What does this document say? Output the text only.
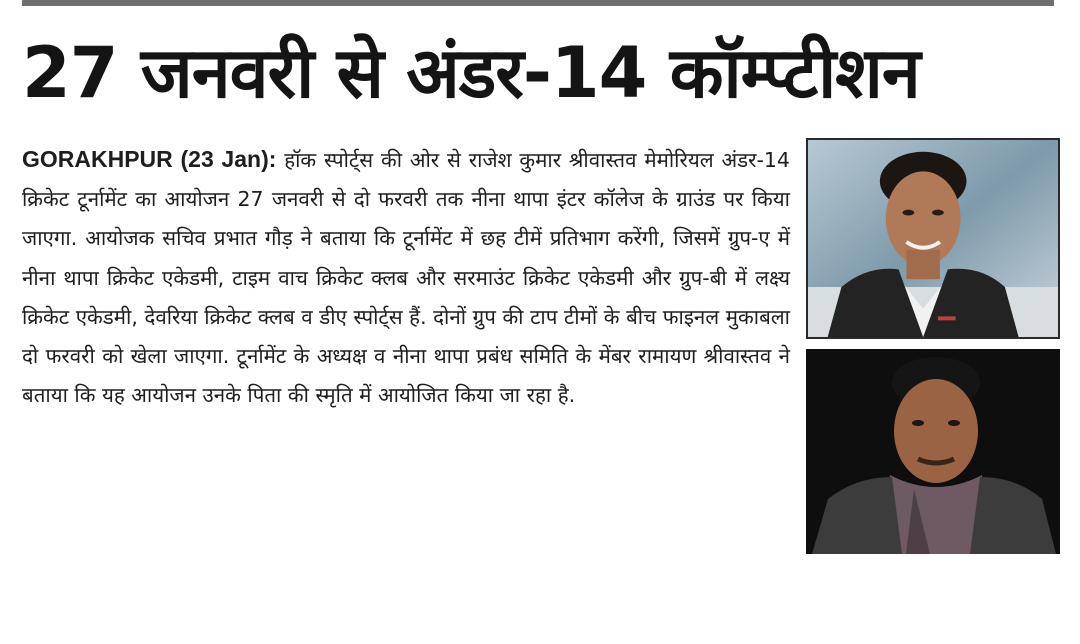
27 जनवरी से अंडर-14 कॉम्प्टीशन
GORAKHPUR (23 Jan): हॉक स्पोर्ट्स की ओर से राजेश कुमार श्रीवास्तव मेमोरियल अंडर-14 क्रिकेट टूर्नामेंट का आयोजन 27 जनवरी से दो फरवरी तक नीना थापा इंटर कॉलेज के ग्राउंड पर किया जाएगा. आयोजक सचिव प्रभात गौड़ ने बताया कि टूर्नामेंट में छह टीमें प्रतिभाग करेंगी, जिसमें ग्रुप-ए में नीना थापा क्रिकेट एकेडमी, टाइम वाच क्रिकेट क्लब और सरमाउंट क्रिकेट एकेडमी और ग्रुप-बी में लक्ष्य क्रिकेट एकेडमी, देवरिया क्रिकेट क्लब व डीए स्पोर्ट्स हैं. दोनों ग्रुप की टाप टीमों के बीच फाइनल मुकाबला दो फरवरी को खेला जाएगा. टूर्नामेंट के अध्यक्ष व नीना थापा प्रबंध समिति के मेंबर रामायण श्रीवास्तव ने बताया कि यह आयोजन उनके पिता की स्मृति में आयोजित किया जा रहा है.
